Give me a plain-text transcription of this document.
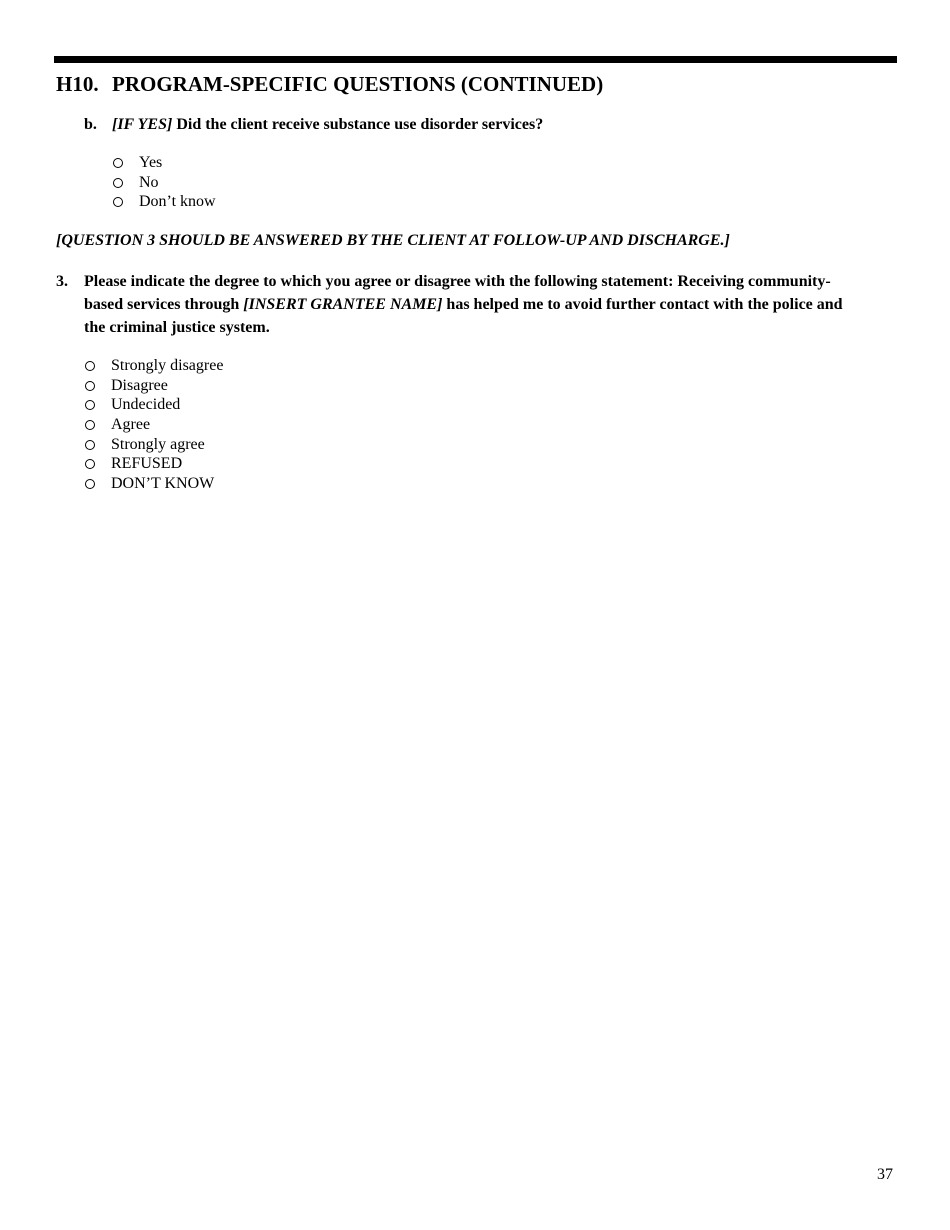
H10. PROGRAM-SPECIFIC QUESTIONS (CONTINUED)
b. [IF YES] Did the client receive substance use disorder services?
Yes
No
Don’t know
[QUESTION 3 SHOULD BE ANSWERED BY THE CLIENT AT FOLLOW-UP AND DISCHARGE.]
3. Please indicate the degree to which you agree or disagree with the following statement: Receiving community-
based services through [INSERT GRANTEE NAME] has helped me to avoid further contact with the police and
the criminal justice system.
Strongly disagree
Disagree
Undecided
Agree
Strongly agree
REFUSED
DON’T KNOW
37
